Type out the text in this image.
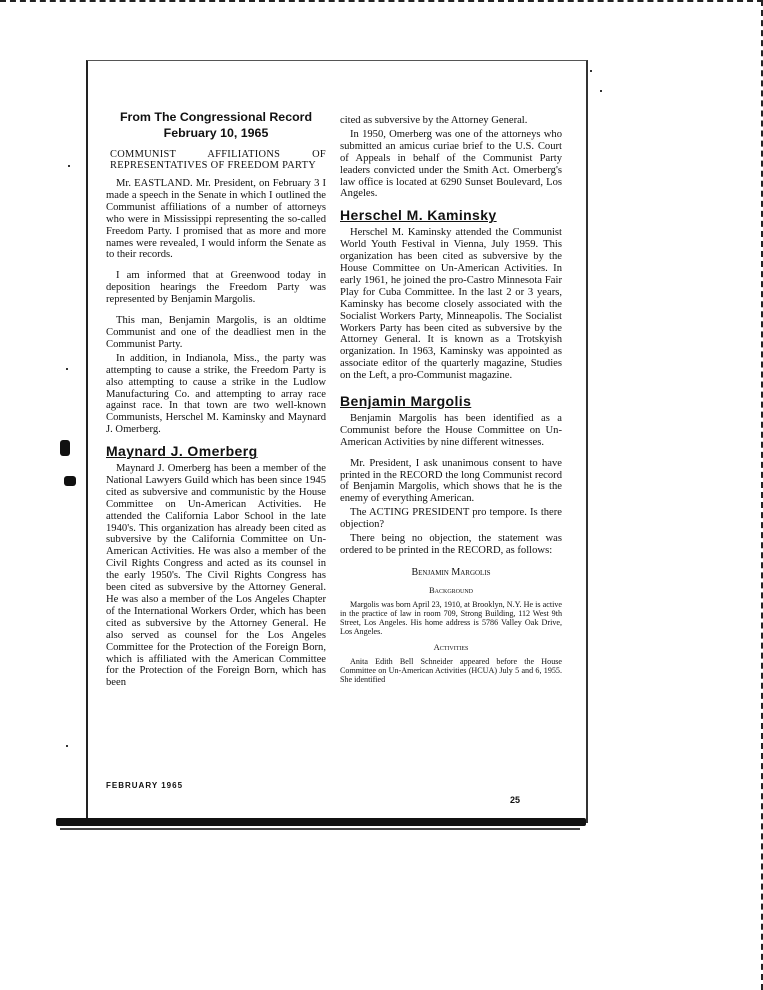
From The Congressional Record
February 10, 1965
COMMUNIST AFFILIATIONS OF REPRESENTATIVES OF FREEDOM PARTY

Mr. EASTLAND. Mr. President, on February 3 I made a speech in the Senate in which I outlined the Communist affiliations of a number of attorneys who were in Mississippi representing the so-called Freedom Party. I promised that as more and more names were revealed, I would inform the Senate as to their records.

I am informed that at Greenwood today in deposition hearings the Freedom Party was represented by Benjamin Margolis.

This man, Benjamin Margolis, is an oldtime Communist and one of the deadliest men in the Communist Party.

In addition, in Indianola, Miss., the party was attempting to cause a strike, the Freedom Party is also attempting to cause a strike in the Ludlow Manufacturing Co. and attempting to array race against race. In that town are two well-known Communists, Herschel M. Kaminsky and Maynard J. Omerberg.

Maynard J. Omerberg

Maynard J. Omerberg has been a member of the National Lawyers Guild which has been since 1945 cited as subversive and communistic by the House Committee on Un-American Activities. He attended the California Labor School in the late 1940's. This organization has already been cited as subversive by the California Committee on Un-American Activities. He was also a member of the Civil Rights Congress and acted as its counsel in the early 1950's. The Civil Rights Congress has been cited as subversive by the Attorney General. He was also a member of the Los Angeles Chapter of the International Workers Order, which has been cited as subversive by the Attorney General. He also served as counsel for the Los Angeles Committee for the Protection of the Foreign Born, which is affiliated with the American Committee for the Protection of the Foreign Born, which has been

cited as subversive by the Attorney General.

In 1950, Omerberg was one of the attorneys who submitted an amicus curiae brief to the U.S. Court of Appeals in behalf of the Communist Party leaders convicted under the Smith Act. Omerberg's law office is located at 6290 Sunset Boulevard, Los Angeles.

Herschel M. Kaminsky

Herschel M. Kaminsky attended the Communist World Youth Festival in Vienna, July 1959. This organization has been cited as subversive by the House Committee on Un-American Activities. In early 1961, he joined the pro-Castro Minnesota Fair Play for Cuba Committee. In the last 2 or 3 years, Kaminsky has become closely associated with the Socialist Workers Party, Minneapolis. The Socialist Workers Party has been cited as subversive by the Attorney General. It is known as a Trotskyish organization. In 1963, Kaminsky was appointed as associate editor of the quarterly magazine, Studies on the Left, a pro-Communist magazine.

Benjamin Margolis

Benjamin Margolis has been identified as a Communist before the House Committee on Un-American Activities by nine different witnesses.

Mr. President, I ask unanimous consent to have printed in the RECORD the long Communist record of Benjamin Margolis, which shows that he is the enemy of everything American.

The ACTING PRESIDENT pro tempore. Is there objection?

There being no objection, the statement was ordered to be printed in the RECORD, as follows:

Benjamin Margolis
Background

Margolis was born April 23, 1910, at Brooklyn, N.Y. He is active in the practice of law in room 709, Strong Building, 112 West 9th Street, Los Angeles. His home address is 5786 Valley Oak Drive, Los Angeles.

Activities

Anita Edith Bell Schneider appeared before the House Committee on Un-American Activities (HCUA) July 5 and 6, 1955. She identified

FEBRUARY 1965
25
